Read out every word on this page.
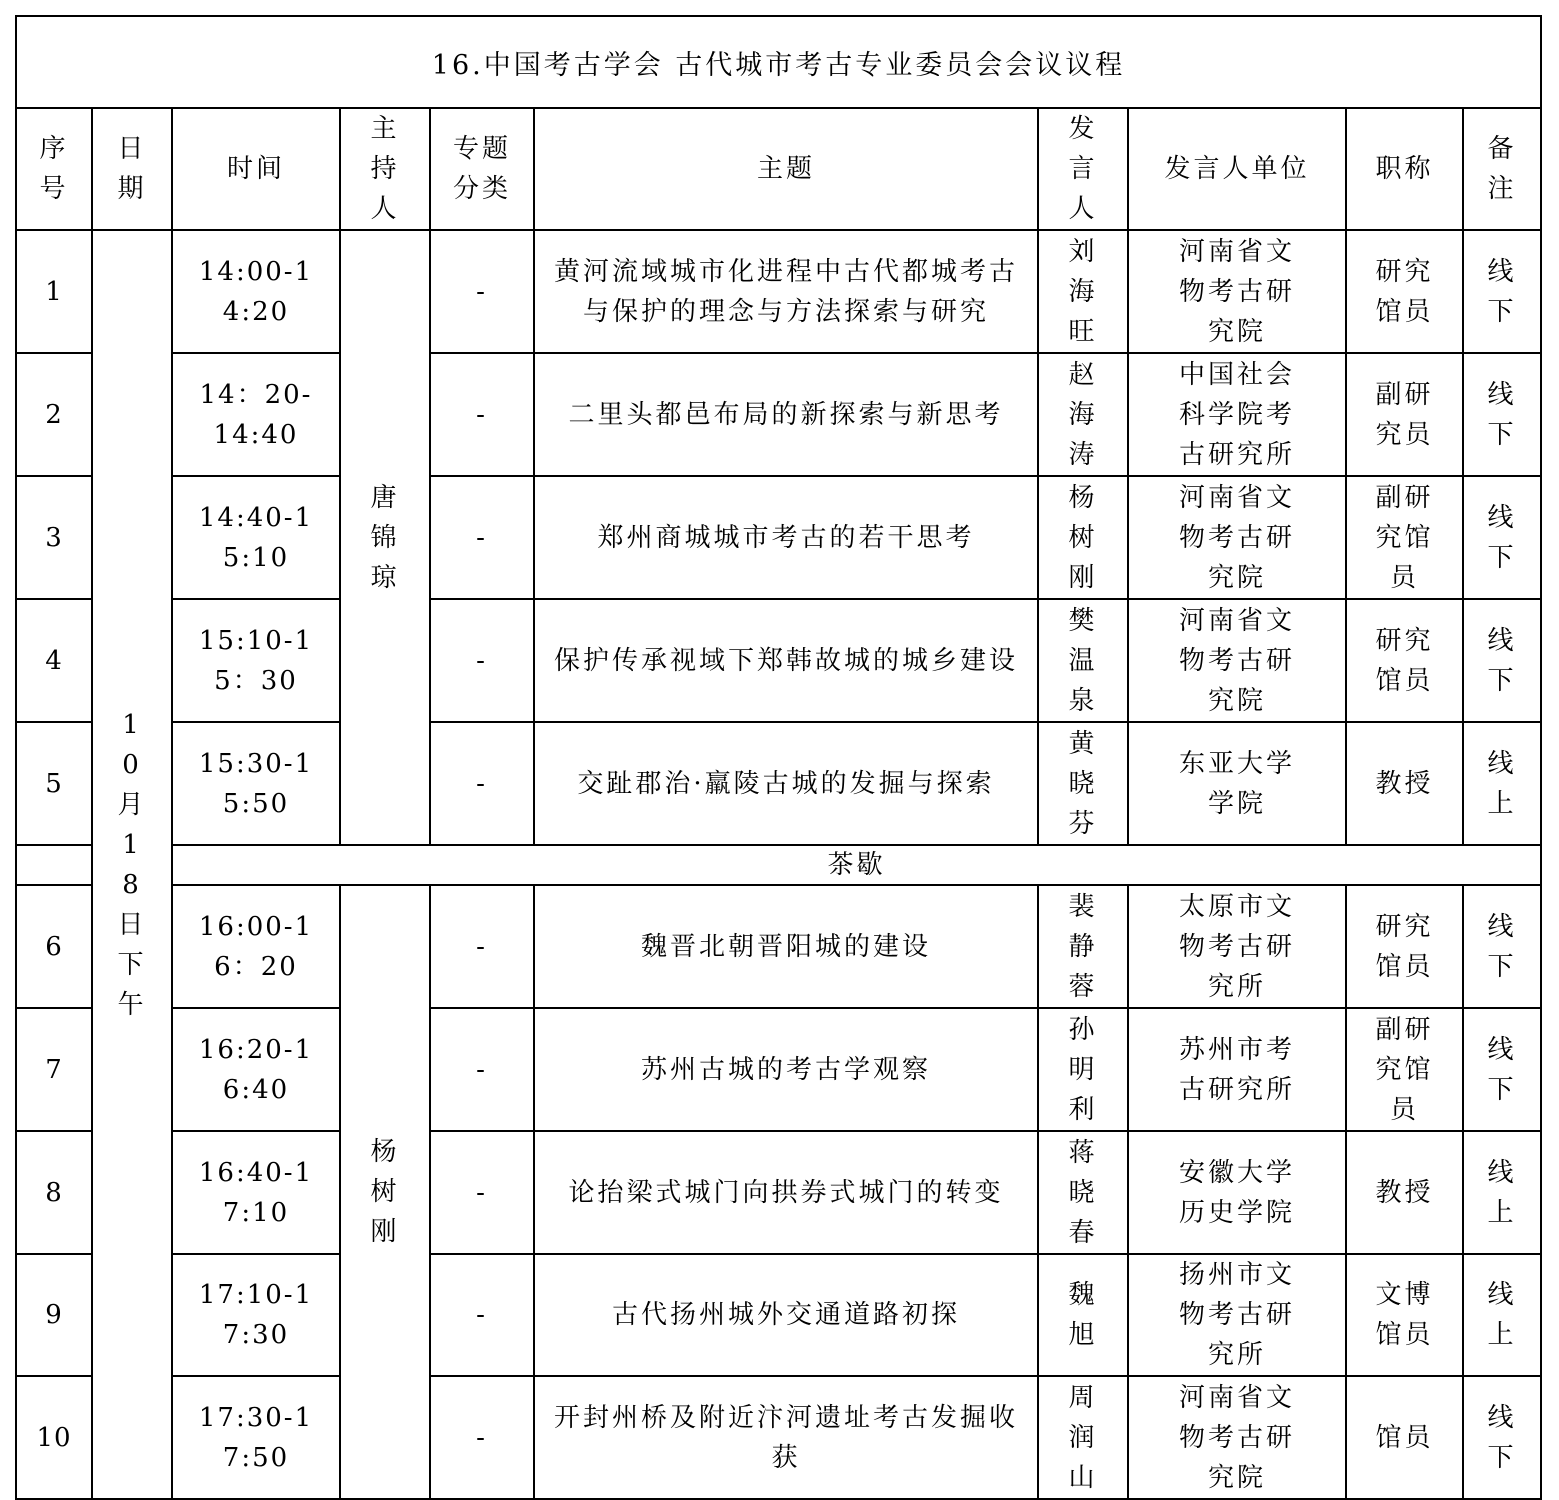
16.中国考古学会 古代城市考古专业委员会会议议程									

序号	日期	时间	主持人	专题分类	主题	发言人	发言人单位	职称	备注

1	10月18日下午	14:00-14:20	唐锦琼	-	黄河流域城市化进程中古代都城考古与保护的理念与方法探索与研究	刘海旺	河南省文物考古研究院	研究馆员	线下

2		14：20-14:40		-	二里头都邑布局的新探索与新思考	赵海涛	中国社会科学院考古研究所	副研究员	线下

3		14:40-15:10		-	郑州商城城市考古的若干思考	杨树刚	河南省文物考古研究院	副研究馆员	线下

4		15:10-15：30		-	保护传承视域下郑韩故城的城乡建设	樊温泉	河南省文物考古研究院	研究馆员	线下

5		15:30-15:50		-	交趾郡治·羸陵古城的发掘与探索	黄晓芬	东亚大学学院	教授	线上

		茶歇							
6		16:00-16：20	杨树刚	-	魏晋北朝晋阳城的建设	裴静蓉	太原市文物考古研究所	研究馆员	线下

7		16:20-16:40		-	苏州古城的考古学观察	孙明利	苏州市考古研究所	副研究馆员	线下

8		16:40-17:10		-	论抬梁式城门向拱券式城门的转变	蒋晓春	安徽大学历史学院	教授	线上

9		17:10-17:30		-	古代扬州城外交通道路初探	魏旭	扬州市文物考古研究所	文博馆员	线上

10		17:30-17:50		-	开封州桥及附近汴河遗址考古发掘收获	周润山	河南省文物考古研究院	馆员	线下
